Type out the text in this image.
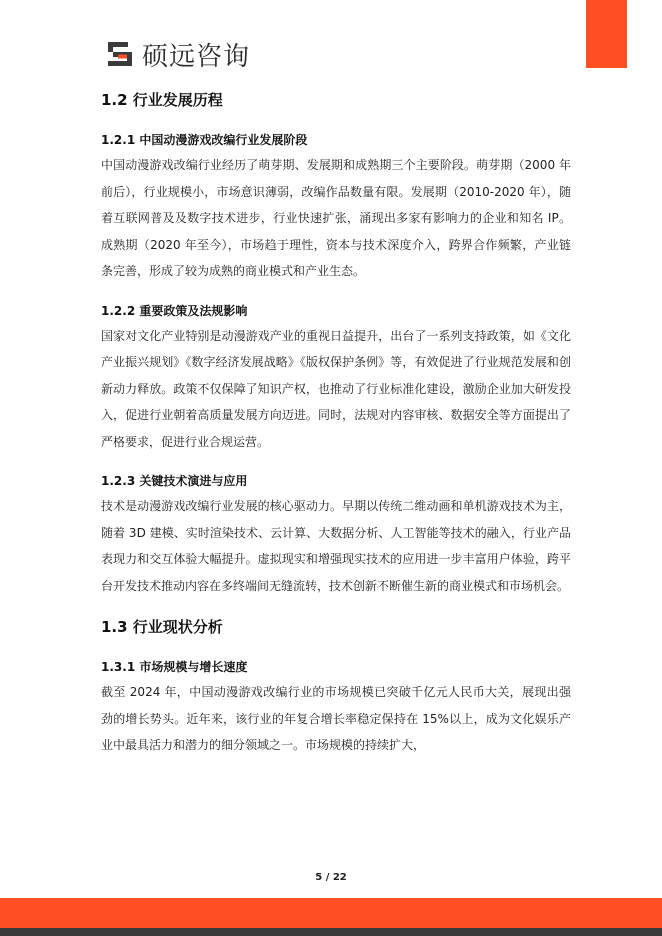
硕远咨询
1.2 行业发展历程
1.2.1 中国动漫游戏改编行业发展阶段

中国动漫游戏改编行业经历了萌芽期、发展期和成熟期三个主要阶段。萌芽期（2000 年前后），行业规模小，市场意识薄弱，改编作品数量有限。发展期（2010-2020 年），随着互联网普及及数字技术进步，行业快速扩张，涌现出多家有影响力的企业和知名 IP。成熟期（2020 年至今），市场趋于理性，资本与技术深度介入，跨界合作频繁，产业链条完善，形成了较为成熟的商业模式和产业生态。

1.2.2 重要政策及法规影响

国家对文化产业特别是动漫游戏产业的重视日益提升，出台了一系列支持政策，如《文化产业振兴规划》《数字经济发展战略》《版权保护条例》等，有效促进了行业规范发展和创新动力释放。政策不仅保障了知识产权，也推动了行业标准化建设，激励企业加大研发投入，促进行业朝着高质量发展方向迈进。同时，法规对内容审核、数据安全等方面提出了严格要求，促进行业合规运营。

1.2.3 关键技术演进与应用

技术是动漫游戏改编行业发展的核心驱动力。早期以传统二维动画和单机游戏技术为主，随着 3D 建模、实时渲染技术、云计算、大数据分析、人工智能等技术的融入，行业产品表现力和交互体验大幅提升。虚拟现实和增强现实技术的应用进一步丰富用户体验，跨平台开发技术推动内容在多终端间无缝流转，技术创新不断催生新的商业模式和市场机会。

1.3 行业现状分析
1.3.1 市场规模与增长速度

截至 2024 年，中国动漫游戏改编行业的市场规模已突破千亿元人民币大关，展现出强劲的增长势头。近年来，该行业的年复合增长率稳定保持在 15%以上，成为文化娱乐产业中最具活力和潜力的细分领域之一。市场规模的持续扩大，

5 / 22
